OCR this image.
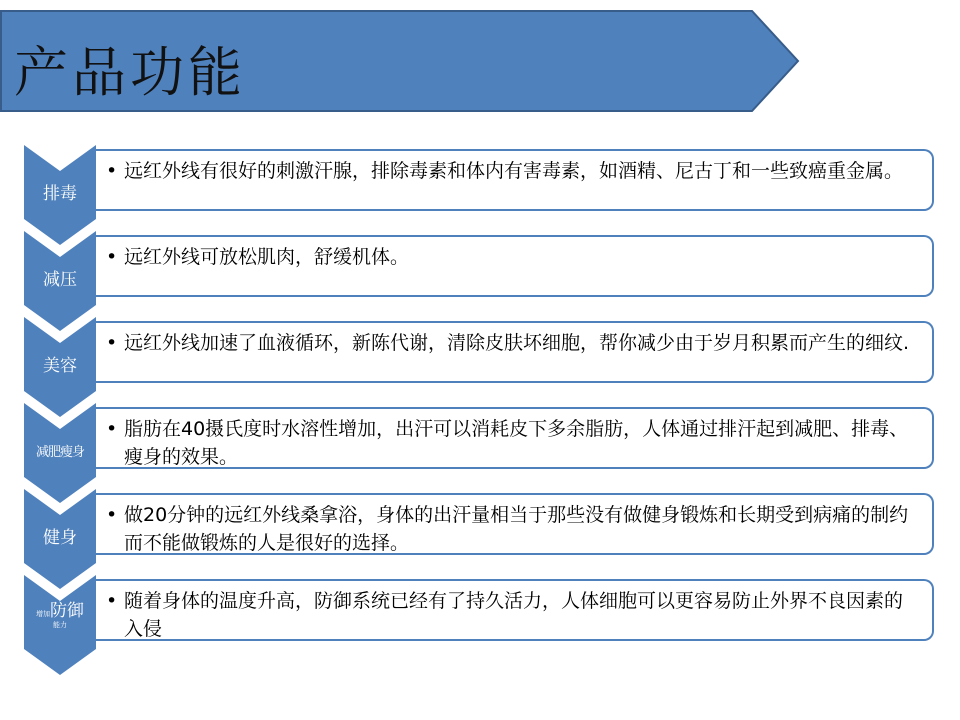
产品功能
• 远红外线有很好的刺激汗腺，排除毒素和体内有害毒素，如酒精、尼古丁和一些致癌重金属。
排毒
• 远红外线可放松肌肉，舒缓机体。
减压
• 远红外线加速了血液循环，新陈代谢，清除皮肤坏细胞，帮你减少由于岁月积累而产生的细纹.
美容
• 脂肪在40摄氏度时水溶性增加，出汗可以消耗皮下多余脂肪，人体通过排汗起到减肥、排毒、瘦身的效果。
减肥瘦身
• 做20分钟的远红外线桑拿浴，身体的出汗量相当于那些没有做健身锻炼和长期受到病痛的制约而不能做锻炼的人是很好的选择。
健身
• 随着身体的温度升高，防御系统已经有了持久活力，人体细胞可以更容易防止外界不良因素的入侵
增加防御
能力
